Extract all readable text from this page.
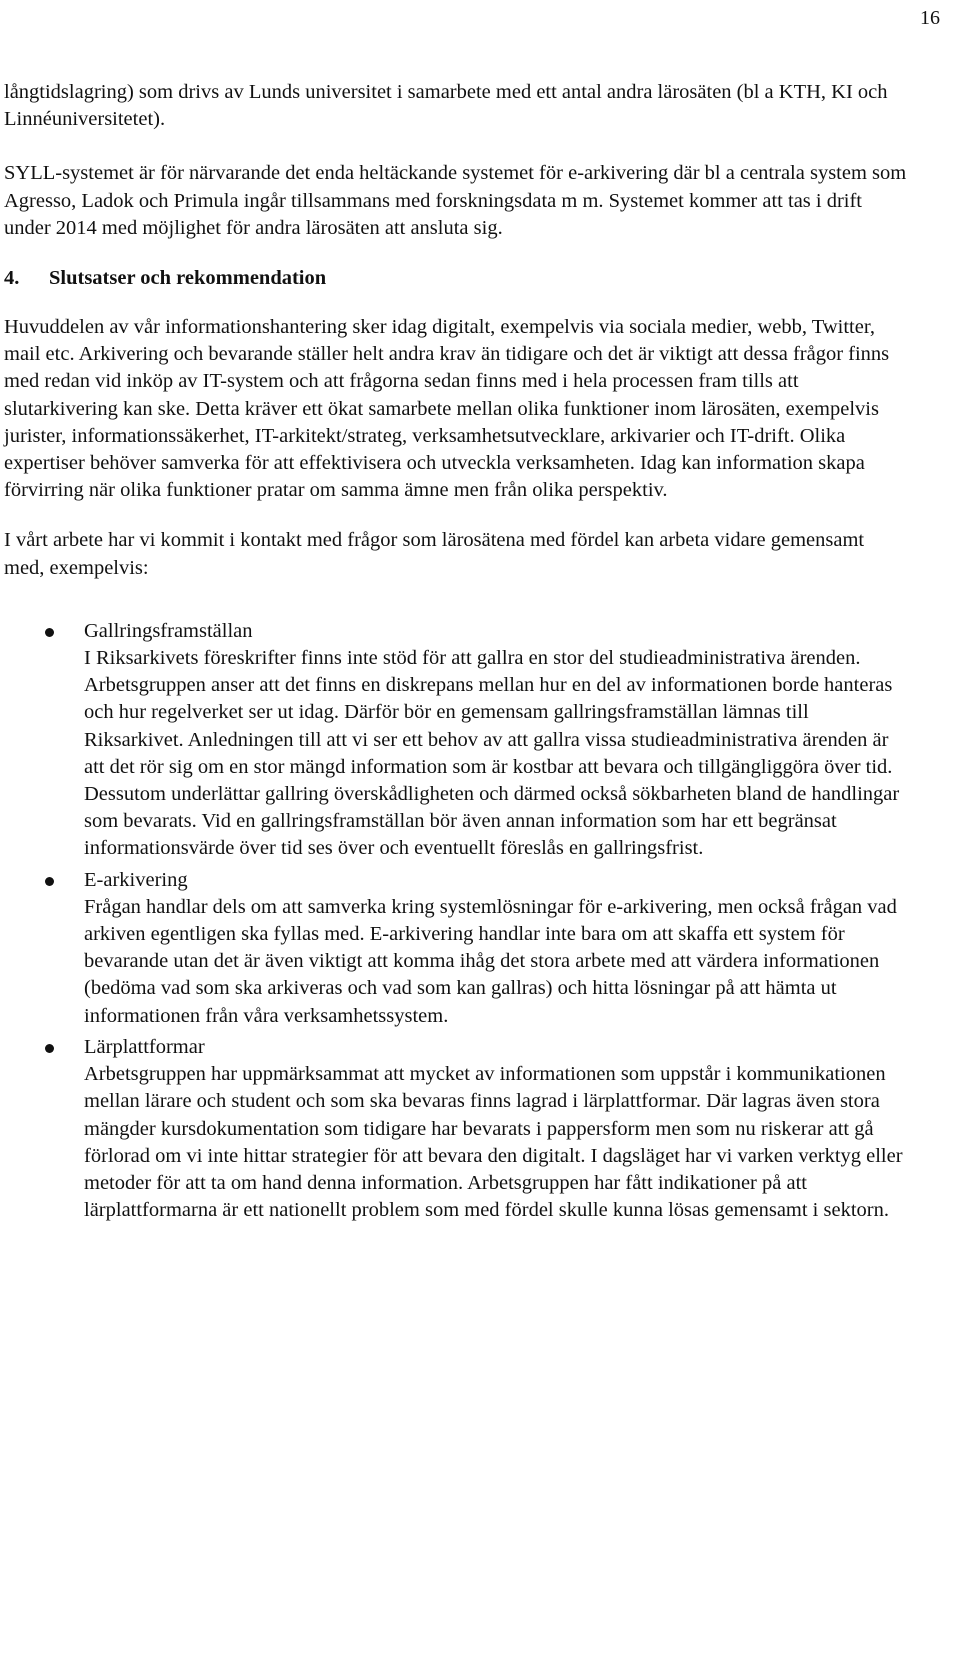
16

långtidslagring) som drivs av Lunds universitet i samarbete med ett antal andra lärosäten (bl a KTH, KI och Linnéuniversitetet).

SYLL-systemet är för närvarande det enda heltäckande systemet för e-arkivering där bl a centrala system som Agresso, Ladok och Primula ingår tillsammans med forskningsdata m m. Systemet kommer att tas i drift under 2014 med möjlighet för andra lärosäten att ansluta sig.

4. Slutsatser och rekommendation

Huvuddelen av vår informationshantering sker idag digitalt, exempelvis via sociala medier, webb, Twitter, mail etc. Arkivering och bevarande ställer helt andra krav än tidigare och det är viktigt att dessa frågor finns med redan vid inköp av IT-system och att frågorna sedan finns med i hela processen fram tills att slutarkivering kan ske. Detta kräver ett ökat samarbete mellan olika funktioner inom lärosäten, exempelvis jurister, informationssäkerhet, IT-arkitekt/strateg, verksamhetsutvecklare, arkivarier och IT-drift. Olika expertiser behöver samverka för att effektivisera och utveckla verksamheten. Idag kan information skapa förvirring när olika funktioner pratar om samma ämne men från olika perspektiv.

I vårt arbete har vi kommit i kontakt med frågor som lärosätena med fördel kan arbeta vidare gemensamt med, exempelvis:

Gallringsframställan
I Riksarkivets föreskrifter finns inte stöd för att gallra en stor del studieadministrativa ärenden. Arbetsgruppen anser att det finns en diskrepans mellan hur en del av informationen borde hanteras och hur regelverket ser ut idag. Därför bör en gemensam gallringsframställan lämnas till Riksarkivet. Anledningen till att vi ser ett behov av att gallra vissa studieadministrativa ärenden är att det rör sig om en stor mängd information som är kostbar att bevara och tillgängliggöra över tid. Dessutom underlättar gallring överskådligheten och därmed också sökbarheten bland de handlingar som bevarats. Vid en gallringsframställan bör även annan information som har ett begränsat informationsvärde över tid ses över och eventuellt föreslås en gallringsfrist.
E-arkivering
Frågan handlar dels om att samverka kring systemlösningar för e-arkivering, men också frågan vad arkiven egentligen ska fyllas med. E-arkivering handlar inte bara om att skaffa ett system för bevarande utan det är även viktigt att komma ihåg det stora arbete med att värdera informationen (bedöma vad som ska arkiveras och vad som kan gallras) och hitta lösningar på att hämta ut informationen från våra verksamhetssystem.
Lärplattformar
Arbetsgruppen har uppmärksammat att mycket av informationen som uppstår i kommunikationen mellan lärare och student och som ska bevaras finns lagrad i lärplattformar. Där lagras även stora mängder kursdokumentation som tidigare har bevarats i pappersform men som nu riskerar att gå förlorad om vi inte hittar strategier för att bevara den digitalt. I dagsläget har vi varken verktyg eller metoder för att ta om hand denna information. Arbetsgruppen har fått indikationer på att lärplattformarna är ett nationellt problem som med fördel skulle kunna lösas gemensamt i sektorn.
